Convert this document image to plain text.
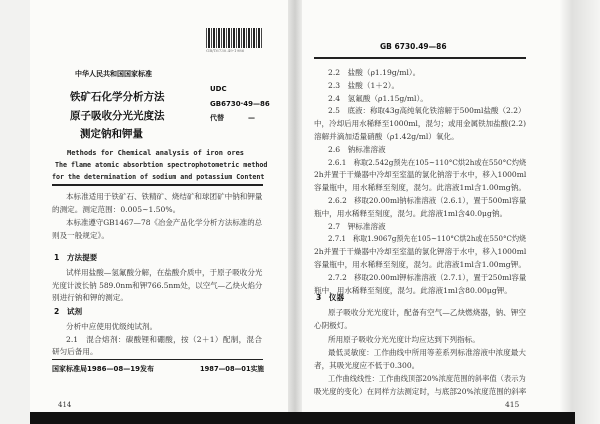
GB/T6730.49-1986
中华人民共和国国家标准
铁矿石化学分析方法
原子吸收分光光度法
测定钠和钾量
UDC
GB6730·49—86
代替	—
Methods for Chemical analysis of iron ores
The flame atomic absorbtion spectrophotometric method
for the determination of sodium and potassium Content
本标准适用于铁矿石、铁精矿、烧结矿和球团矿中钠和钾量
的测定。测定范围：0.005~1.50%。
本标准遵守GB1467—78《冶金产品化学分析方法标准的总
则及一般规定》。
1　方法提要
试样用盐酸—氢氟酸分解，在盐酸介质中，于原子吸收分光
光度计波长钠 589.0nm和钾766.5nm处，以空气—乙炔火焰分
别进行钠和钾的测定。
2　试剂
分析中应使用优级纯试剂。
2.1　混合熔剂：碳酸锂和硼酸，按（2＋1）配制，混合
研匀后备用。
2.2　盐酸（ρ1.19g/ml）。
2.3　盐酸（1＋2）。
2.4　氢氟酸（ρ1.15g/ml）。
2.5　底液：称取43g高纯氧化铁溶解于500ml盐酸（2.2）
中，冷却后用水稀释至1000ml，混匀；或用金属铁加盐酸(2.2)
溶解并滴加适量硝酸（ρ1.42g/ml）氧化。
2.6　钠标准溶液
2.6.1　称取2.542g预先在105~110°C烘2h或在550°C灼烧
2h并置于干燥器中冷却至室温的氯化钠溶于水中，移入1000ml
容量瓶中，用水稀释至刻度，混匀。此溶液1ml含1.00mg钠。
2.6.2　移取20.00ml钠标准溶液（2.6.1），置于500ml容量
瓶中，用水稀释至刻度，混匀。此溶液1ml含40.0μg钠。
2.7　钾标准溶液
2.7.1　称取1.9067g预先在105~110°C烘2h或在550°C灼烧
2h并置于干燥器中冷却至室温的氯化钾溶于水中，移入1000ml
容量瓶中，用水稀释至刻度，混匀。此溶液1ml含1.00mg钾。
2.7.2　移取20.00ml钾标准溶液（2.7.1），置于250ml容量
瓶中，用水稀释至刻度，混匀。此溶液1ml含80.00μg钾。
3　仪器
原子吸收分光光度计，配备有空气—乙炔燃烧器，钠、钾空
心阴极灯。
所用原子吸收分光光度计均应达到下列指标。
最低灵敏度：工作曲线中所用等差系列标准溶液中浓度最大
者，其吸光度应不低于0.300。
工作曲线线性：工作曲线顶部20%浓度范围的斜率值（表示为
吸光度的变化）在同样方法测定时，与底部20%浓度范围的斜率
国家标准局1986—08—19发布	1987—08—01实施
414
GB 6730.49—86
415
